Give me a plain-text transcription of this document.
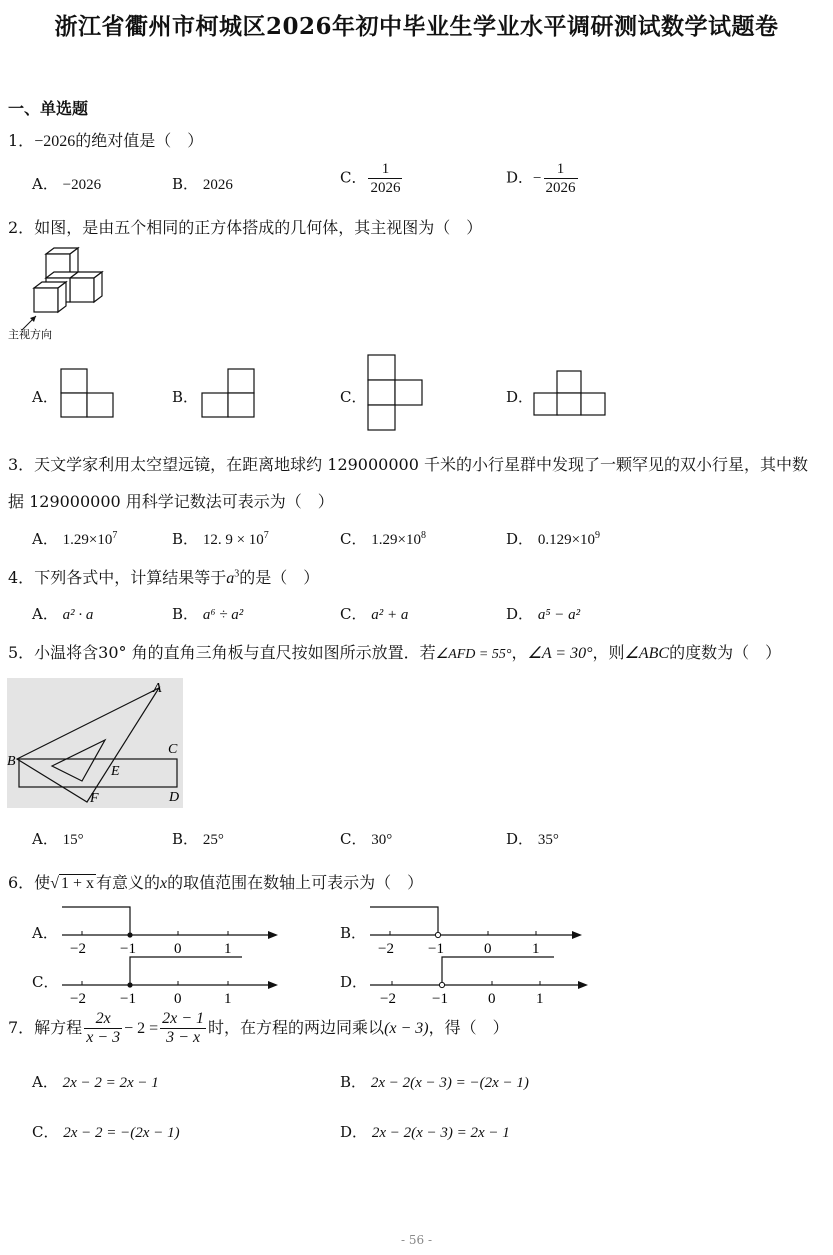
浙江省衢州市柯城区2026年初中毕业生学业水平调研测试数学试题卷
一、单选题
1．−2026的绝对值是（　）
A． −2026	B． 2026	C． $\frac{1}{2026}$	D．− $\frac{1}{2026}$
2．如图，是由五个相同的正方体搭成的几何体，其主视图为（　）
主视方向
A．	B．	C．	D．
3．天文学家利用太空望远镜，在距离地球约 129000000 千米的小行星群中发现了一颗罕见的双小行星，其中数
据 129000000 用科学记数法可表示为（　）
A． $1.29\times 10^7$	B． 12. $9 \times 10^7$	C． $1.29\times 10^8$	D． $0.129\times 10^9$
4．下列各式中，计算结果等于$a^3$的是（　）
A． a² · a	B． a⁶ ÷ a²	C． a² + a	D． a⁵ − a²
5．小温将含30° 角的直角三角板与直尺按如图所示放置．若∠AFD = 55°，∠A = 30°，则∠ABC的度数为（　）
A
B
C
D
E
F
A． 15°	B． 25°	C． 30°	D． 35°
6．使√ 1 + x 有意义的x的取值范围在数轴上可表示为（　）
A．
−2 −1	0	1
B．
−2 −1	0	1
C．
−2 −1	0	1
D．
−2 −1	0	1
7．解方程 $\frac{2x}{x - 3} - 2 = \frac{2x - 1}{3 - x}$ 时，在方程的两边同乘以(x − 3)，得（　）
A． 2x − 2 = 2x − 1	B． 2x − 2(x − 3) = −(2x − 1)
C． 2x − 2 = −(2x − 1)	D． 2x − 2(x − 3) = 2x − 1
- 56 -
